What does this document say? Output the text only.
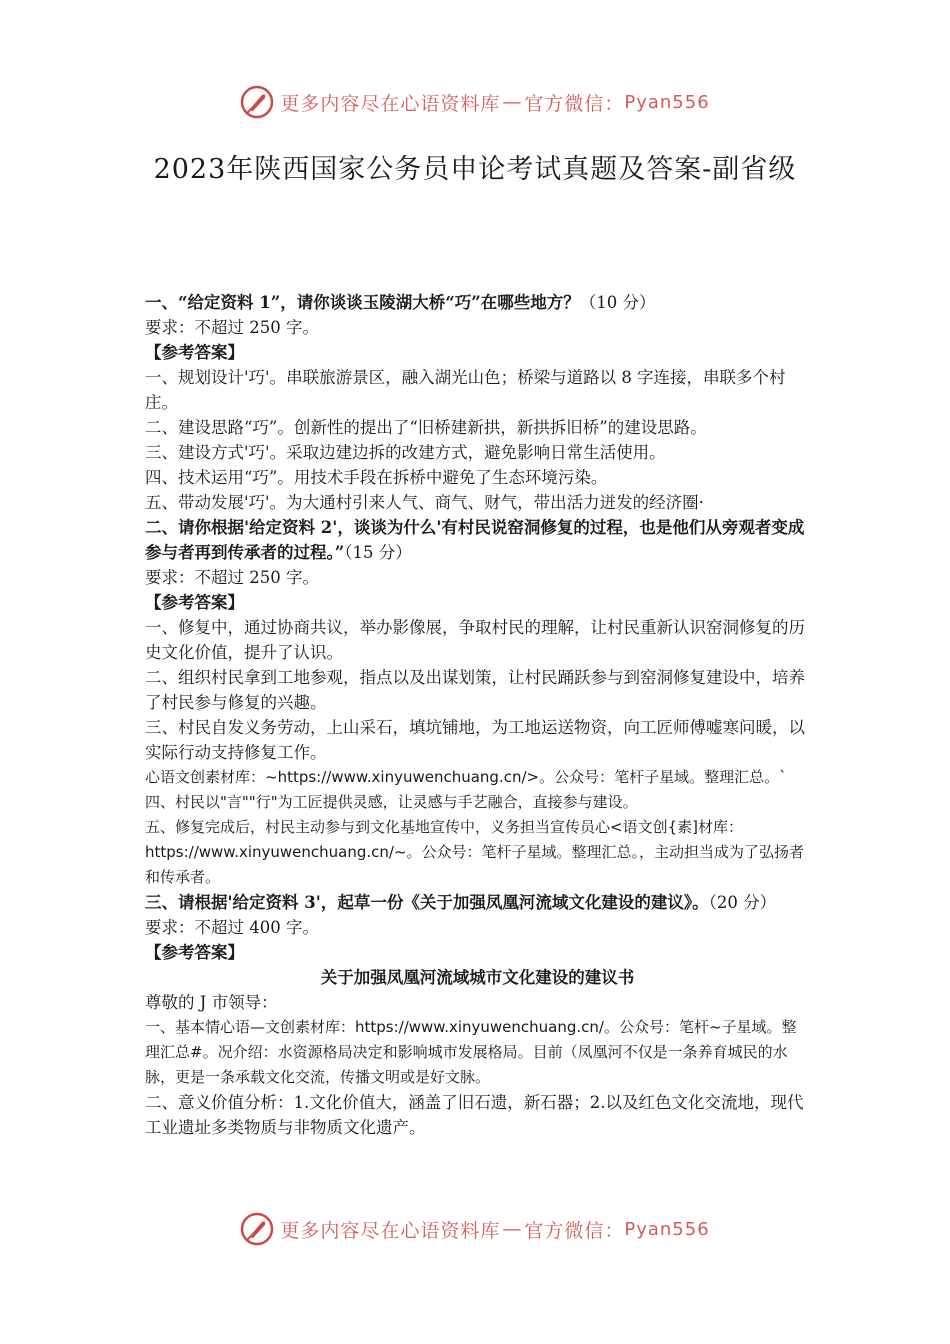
更多内容尽在心语资料库 — 官方微信： Pyan556
2023年陕西国家公务员申论考试真题及答案-副省级

一、“给定资料 1”，请你谈谈玉陵湖大桥“巧”在哪些地方？（10 分）

要求：不超过 250 字。

【参考答案】

一、规划设计'巧'。串联旅游景区，融入湖光山色；桥梁与道路以 8 字连接，串联多个村庄。

二、建设思路“巧”。创新性的提出了“旧桥建新拱，新拱拆旧桥”的建设思路。

三、建设方式'巧'。采取边建边拆的改建方式，避免影响日常生活使用。

四、技术运用“巧”。用技术手段在拆桥中避免了生态环境污染。

五、带动发展'巧'。为大通村引来人气、商气、财气，带出活力迸发的经济圈·

二、请你根据'给定资料 2'，谈谈为什么'有村民说窑洞修复的过程，也是他们从旁观者变成参与者再到传承者的过程。”（15 分）

要求：不超过 250 字。

【参考答案】

一、修复中，通过协商共议，举办影像展，争取村民的理解，让村民重新认识窑洞修复的历史文化价值，提升了认识。

二、组织村民拿到工地参观，指点以及出谋划策，让村民踊跃参与到窑洞修复建设中，培养了村民参与修复的兴趣。

三、村民自发义务劳动，上山采石，填坑铺地，为工地运送物资，向工匠师傅嘘寒问暖，以实际行动支持修复工作。

心语文创素材库：~https://www.xinyuwenchuang.cn/>。公众号：笔杆子星域。整理汇总。`四、村民以"言""行"为工匠提供灵感，让灵感与手艺融合，直接参与建设。

五、修复完成后，村民主动参与到文化基地宣传中，义务担当宣传员心<语文创{素]材库：https://www.xinyuwenchuang.cn/~。公众号：笔杆子星域。整理汇总。，主动担当成为了弘扬者和传承者。

三、请根据'给定资料 3'，起草一份《关于加强凤凰河流域文化建设的建议》。（20 分）

要求：不超过 400 字。

【参考答案】

关于加强凤凰河流域城市文化建设的建议书

尊敬的 J 市领导：

一、基本情心语—文创素材库：https://www.xinyuwenchuang.cn/。公众号：笔杆~子星域。整理汇总#。况介绍：水资源格局决定和影响城市发展格局。目前（凤凰河不仅是一条养育城民的水脉，更是一条承载文化交流，传播文明或是好文脉。

二、意义价值分析：1.文化价值大，涵盖了旧石遗，新石器；2.以及红色文化交流地，现代工业遗址多类物质与非物质文化遗产。

更多内容尽在心语资料库 — 官方微信： Pyan556
